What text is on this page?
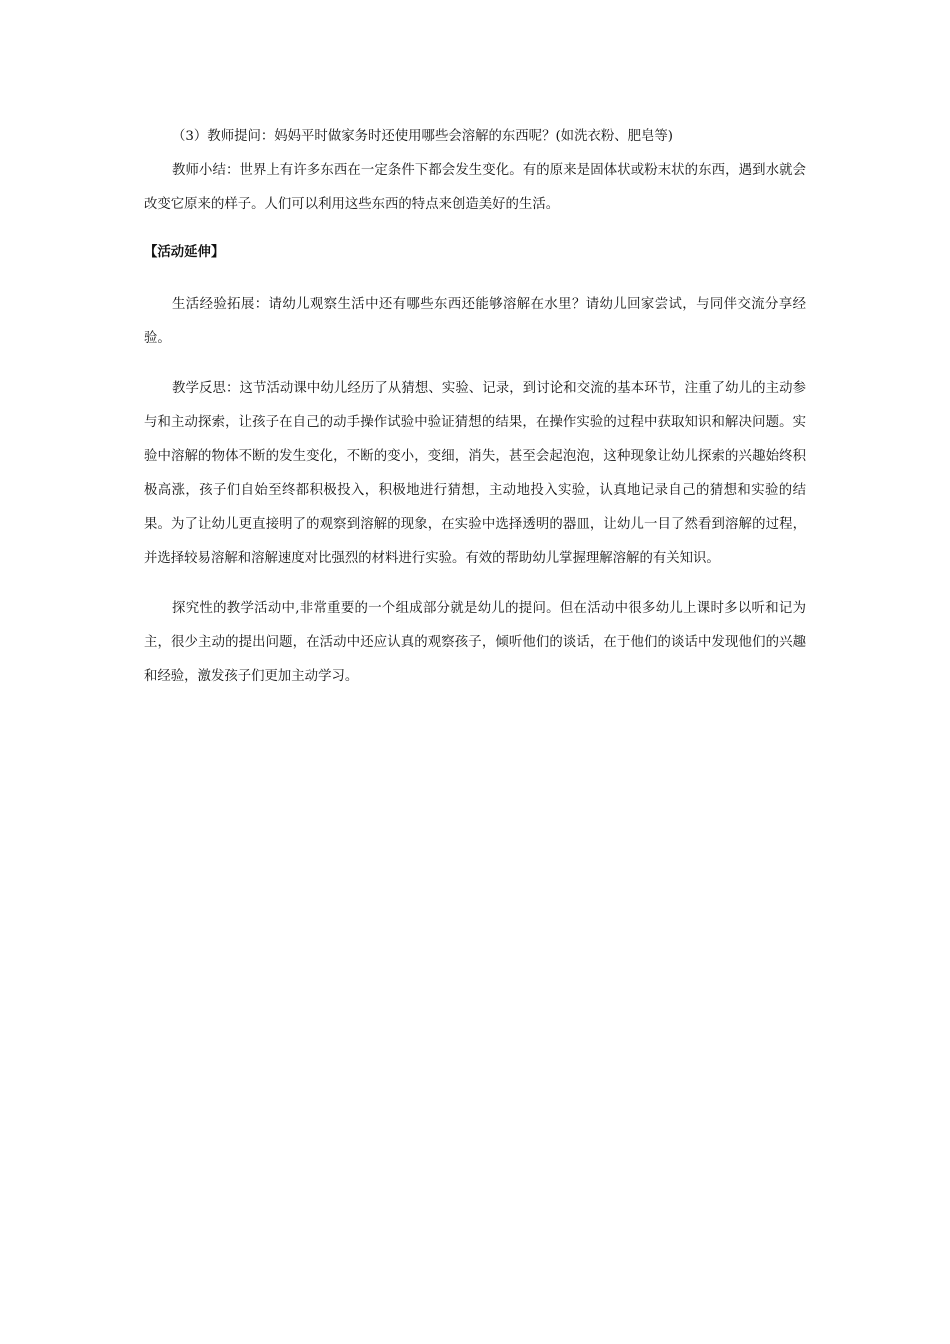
（3）教师提问：妈妈平时做家务时还使用哪些会溶解的东西呢？(如洗衣粉、肥皂等)

教师小结：世界上有许多东西在一定条件下都会发生变化。有的原来是固体状或粉末状的东西，遇到水就会改变它原来的样子。人们可以利用这些东西的特点来创造美好的生活。

【活动延伸】

生活经验拓展：请幼儿观察生活中还有哪些东西还能够溶解在水里？请幼儿回家尝试，与同伴交流分享经验。

教学反思：这节活动课中幼儿经历了从猜想、实验、记录，到讨论和交流的基本环节，注重了幼儿的主动参与和主动探索，让孩子在自己的动手操作试验中验证猜想的结果，在操作实验的过程中获取知识和解决问题。实验中溶解的物体不断的发生变化，不断的变小，变细，消失，甚至会起泡泡，这种现象让幼儿探索的兴趣始终积极高涨，孩子们自始至终都积极投入，积极地进行猜想，主动地投入实验，认真地记录自己的猜想和实验的结果。为了让幼儿更直接明了的观察到溶解的现象，在实验中选择透明的器皿，让幼儿一目了然看到溶解的过程，并选择较易溶解和溶解速度对比强烈的材料进行实验。有效的帮助幼儿掌握理解溶解的有关知识。

探究性的教学活动中,非常重要的一个组成部分就是幼儿的提问。但在活动中很多幼儿上课时多以听和记为主，很少主动的提出问题，在活动中还应认真的观察孩子，倾听他们的谈话，在于他们的谈话中发现他们的兴趣和经验，激发孩子们更加主动学习。
